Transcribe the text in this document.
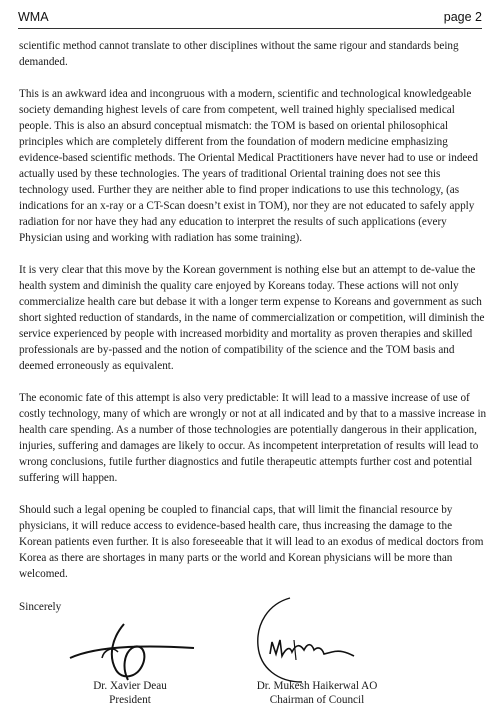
WMA	page 2

scientific method cannot translate to other disciplines without the same rigour and standards being demanded.

This is an awkward idea and incongruous with a modern, scientific and technological knowledgeable society demanding highest levels of care from competent, well trained highly specialised medical people. This is also an absurd conceptual mismatch: the TOM is based on oriental philosophical principles which are completely different from the foundation of modern medicine emphasizing evidence-based scientific methods. The Oriental Medical Practitioners have never had to use or indeed actually used by these technologies. The years of traditional Oriental training does not see this technology used. Further they are neither able to find proper indications to use this technology, (as indications for an x-ray or a CT-Scan doesn’t exist in TOM), nor they are not educated to safely apply radiation for nor have they had any education to interpret the results of such applications (every Physician using and working with radiation has some training).

It is very clear that this move by the Korean government is nothing else but an attempt to de-value the health system and diminish the quality care enjoyed by Koreans today. These actions will not only commercialize health care but debase it with a longer term expense to Koreans and government as such short sighted reduction of standards, in the name of commercialization or competition, will diminish the service experienced by people with increased morbidity and mortality as proven therapies and skilled professionals are by-passed and the notion of compatibility of the science and the TOM basis and deemed erroneously as equivalent.

The economic fate of this attempt is also very predictable: It will lead to a massive increase of use of costly technology, many of which are wrongly or not at all indicated and by that to a massive increase in health care spending. As a number of those technologies are potentially dangerous in their application, injuries, suffering and damages are likely to occur. As incompetent interpretation of results will lead to wrong conclusions, futile further diagnostics and futile therapeutic attempts further cost and potential suffering will happen.

Should such a legal opening be coupled to financial caps, that will limit the financial resource by physicians, it will reduce access to evidence-based health care, thus increasing the damage to the Korean patients even further. It is also foreseeable that it will lead to an exodus of medical doctors from Korea as there are shortages in many parts or the world and Korean physicians will be more than welcomed.

Sincerely
Dr. Xavier Deau
President
Dr. Mukesh Haikerwal AO
Chairman of Council
